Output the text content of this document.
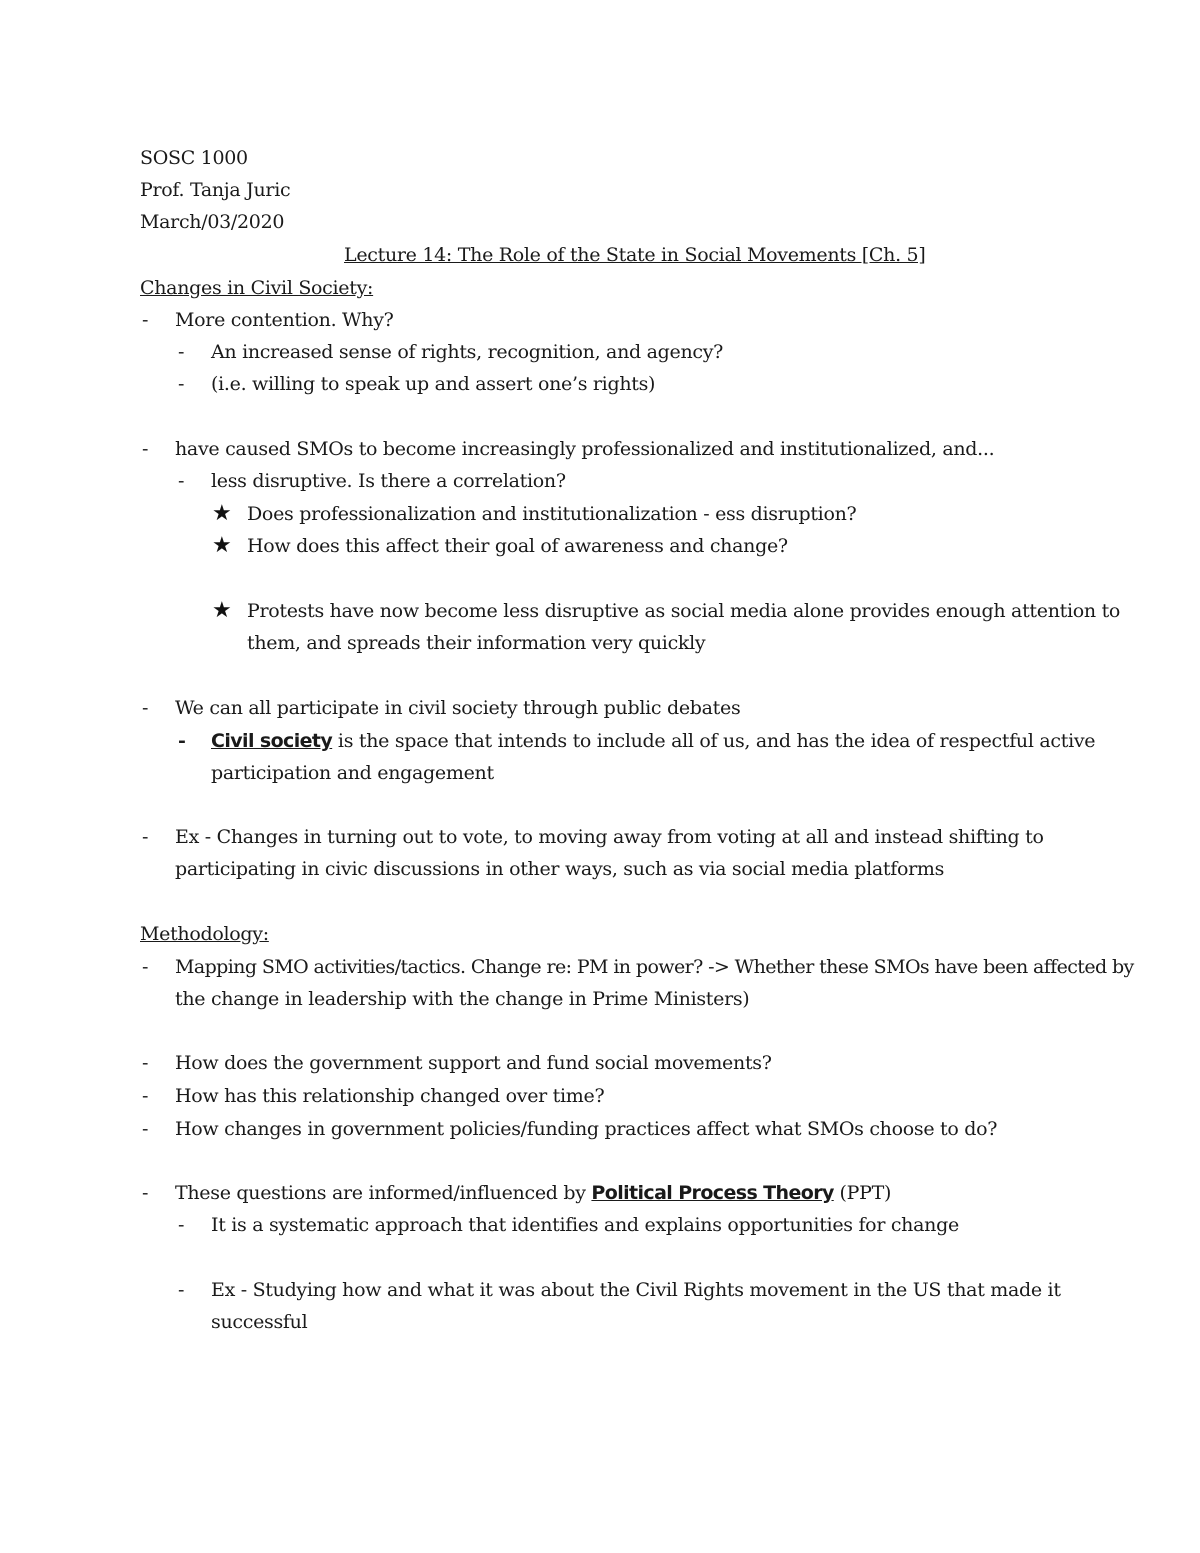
SOSC 1000
Prof. Tanja Juric
March/03/2020
Lecture 14: The Role of the State in Social Movements [Ch. 5]
Changes in Civil Society:
- More contention. Why?
- An increased sense of rights, recognition, and agency?
- (i.e. willing to speak up and assert one’s rights)
- have caused SMOs to become increasingly professionalized and institutionalized, and...
- less disruptive. Is there a correlation?
★ Does professionalization and institutionalization - ess disruption?
★ How does this affect their goal of awareness and change?
★ Protests have now become less disruptive as social media alone provides enough attention to
them, and spreads their information very quickly
- We can all participate in civil society through public debates
- Civil society is the space that intends to include all of us, and has the idea of respectful active
participation and engagement
- Ex - Changes in turning out to vote, to moving away from voting at all and instead shifting to
participating in civic discussions in other ways, such as via social media platforms
Methodology:
- Mapping SMO activities/tactics. Change re: PM in power? -> Whether these SMOs have been affected by
the change in leadership with the change in Prime Ministers)
- How does the government support and fund social movements?
- How has this relationship changed over time?
- How changes in government policies/funding practices affect what SMOs choose to do?
- These questions are informed/influenced by Political Process Theory (PPT)
- It is a systematic approach that identifies and explains opportunities for change
- Ex - Studying how and what it was about the Civil Rights movement in the US that made it
successful
